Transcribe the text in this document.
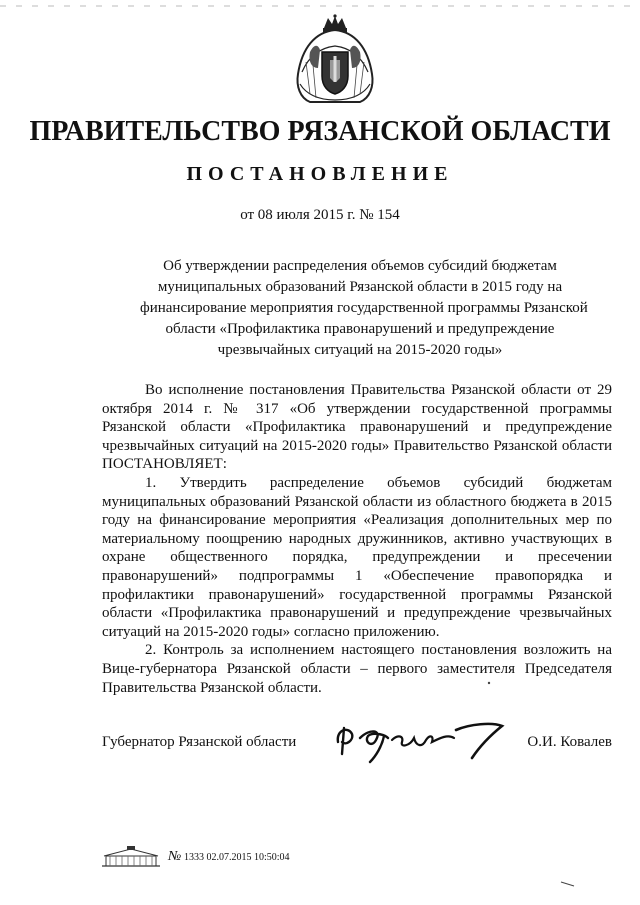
ПРАВИТЕЛЬСТВО РЯЗАНСКОЙ ОБЛАСТИ
ПОСТАНОВЛЕНИЕ
от 08 июля 2015 г. № 154
Об утверждении распределения объемов субсидий бюджетам
муниципальных образований Рязанской области в 2015 году на
финансирование мероприятия государственной программы Рязанской
области «Профилактика правонарушений и предупреждение
чрезвычайных ситуаций на 2015-2020 годы»

Во исполнение постановления Правительства Рязанской области от 29 октября 2014 г. № 317 «Об утверждении государственной программы Рязанской области «Профилактика правонарушений и предупреждение чрезвычайных ситуаций на 2015-2020 годы» Правительство Рязанской области ПОСТАНОВЛЯЕТ:

1. Утвердить распределение объемов субсидий бюджетам муниципальных образований Рязанской области из областного бюджета в 2015 году на финансирование мероприятия «Реализация дополнительных мер по материальному поощрению народных дружинников, активно участвующих в охране общественного порядка, предупреждении и пресечении правонарушений» подпрограммы 1 «Обеспечение правопорядка и профилактики правонарушений» государственной программы Рязанской области «Профилактика правонарушений и предупреждение чрезвычайных ситуаций на 2015-2020 годы» согласно приложению.

2. Контроль за исполнением настоящего постановления возложить на Вице-губернатора Рязанской области – первого заместителя Председателя Правительства Рязанской области.

Губернатор Рязанской области	О.И. Ковалев
№ 1333 02.07.2015 10:50:04
